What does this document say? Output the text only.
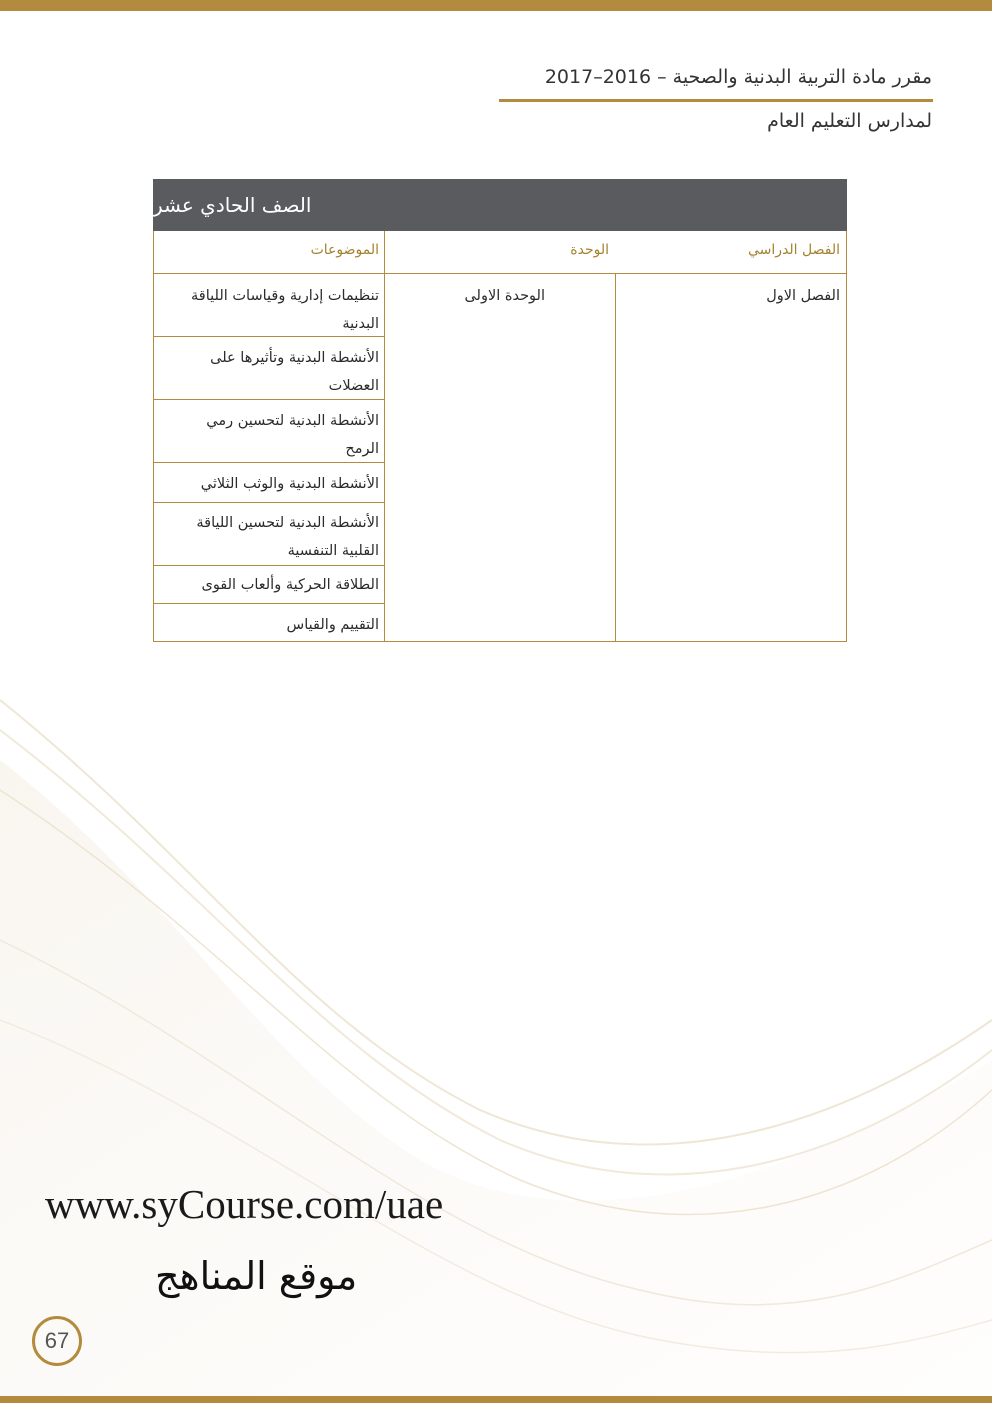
مقرر مادة التربية البدنية والصحية – 2016–2017
لمدارس التعليم العام
الصف الحادي عشر
الفصل الدراسي
الوحدة
الموضوعات
الفصل الاول
الوحدة الاولى
تنظيمات إدارية وقياسات اللياقة البدنية
الأنشطة البدنية وتأثيرها على العضلات
الأنشطة البدنية لتحسين رمي الرمح
الأنشطة البدنية والوثب الثلاثي
الأنشطة البدنية لتحسين اللياقة القلبية التنفسية
الطلاقة الحركية وألعاب القوى
التقييم والقياس
www.syCourse.com/uae
موقع المناهج
67
